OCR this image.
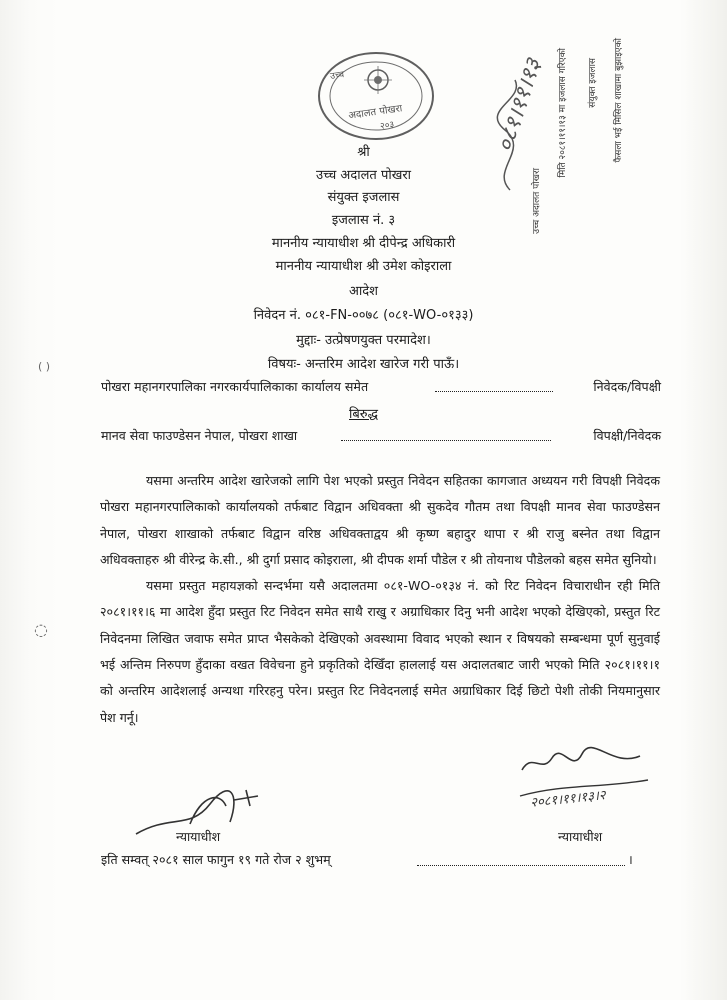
उच्च
अदालत पोखरा
२०३	०८१।११।१३
उच्च अदालत पोखरा
मिति २०८१।११।१३ मा इजलास गरिएको संयुक्त इजलास फैसला भई मिसिल शाखामा बुझाइएको
श्री
उच्च अदालत पोखरा
संयुक्त इजलास
इजलास नं. ३
माननीय न्यायाधीश श्री दीपेन्द्र अधिकारी
माननीय न्यायाधीश श्री उमेश कोइराला
आदेश
निवेदन नं. ०८१-FN-००७८ (०८१-WO-०१३३)
मुद्दाः- उत्प्रेषणयुक्त परमादेश।
विषयः- अन्तरिम आदेश खारेज गरी पाऊँ।
पोखरा महानगरपालिका नगरकार्यपालिकाका कार्यालय समेत	निवेदक/विपक्षी
बिरुद्ध
मानव सेवा फाउण्डेसन नेपाल, पोखरा शाखा	विपक्षी/निवेदक

यसमा अन्तरिम आदेश खारेजको लागि पेश भएको प्रस्तुत निवेदन सहितका कागजात अध्ययन गरी विपक्षी निवेदक पोखरा महानगरपालिकाको कार्यालयको तर्फबाट विद्वान अधिवक्ता श्री सुकदेव गौतम तथा विपक्षी मानव सेवा फाउण्डेसन नेपाल, पोखरा शाखाको तर्फबाट विद्वान वरिष्ठ अधिवक्ताद्वय श्री कृष्ण बहादुर थापा र श्री राजु बस्नेत तथा विद्वान अधिवक्ताहरु श्री वीरेन्द्र के.सी., श्री दुर्गा प्रसाद कोइराला, श्री दीपक शर्मा पौडेल र श्री तोयनाथ पौडेलको बहस समेत सुनियो।

यसमा प्रस्तुत महायज्ञको सन्दर्भमा यसै अदालतमा ०८१-WO-०१३४ नं. को रिट निवेदन विचाराधीन रही मिति २०८१।११।६ मा आदेश हुँदा प्रस्तुत रिट निवेदन समेत साथै राखु र अग्राधिकार दिनु भनी आदेश भएको देखिएको, प्रस्तुत रिट निवेदनमा लिखित जवाफ समेत प्राप्त भैसकेको देखिएको अवस्थामा विवाद भएको स्थान र विषयको सम्बन्धमा पूर्ण सुनुवाई भई अन्तिम निरुपण हुँदाका वखत विवेचना हुने प्रकृतिको देखिँदा हाललाई यस अदालतबाट जारी भएको मिति २०८१।११।१ को अन्तरिम आदेशलाई अन्यथा गरिरहनु परेन। प्रस्तुत रिट निवेदनलाई समेत अग्राधिकार दिई छिटो पेशी तोकी नियमानुसार पेश गर्नू।

( )
◌
२०८१।११।१३।२
न्यायाधीश	न्यायाधीश
इति सम्वत् २०८१ साल फागुन १९ गते रोज २ शुभम्	।
